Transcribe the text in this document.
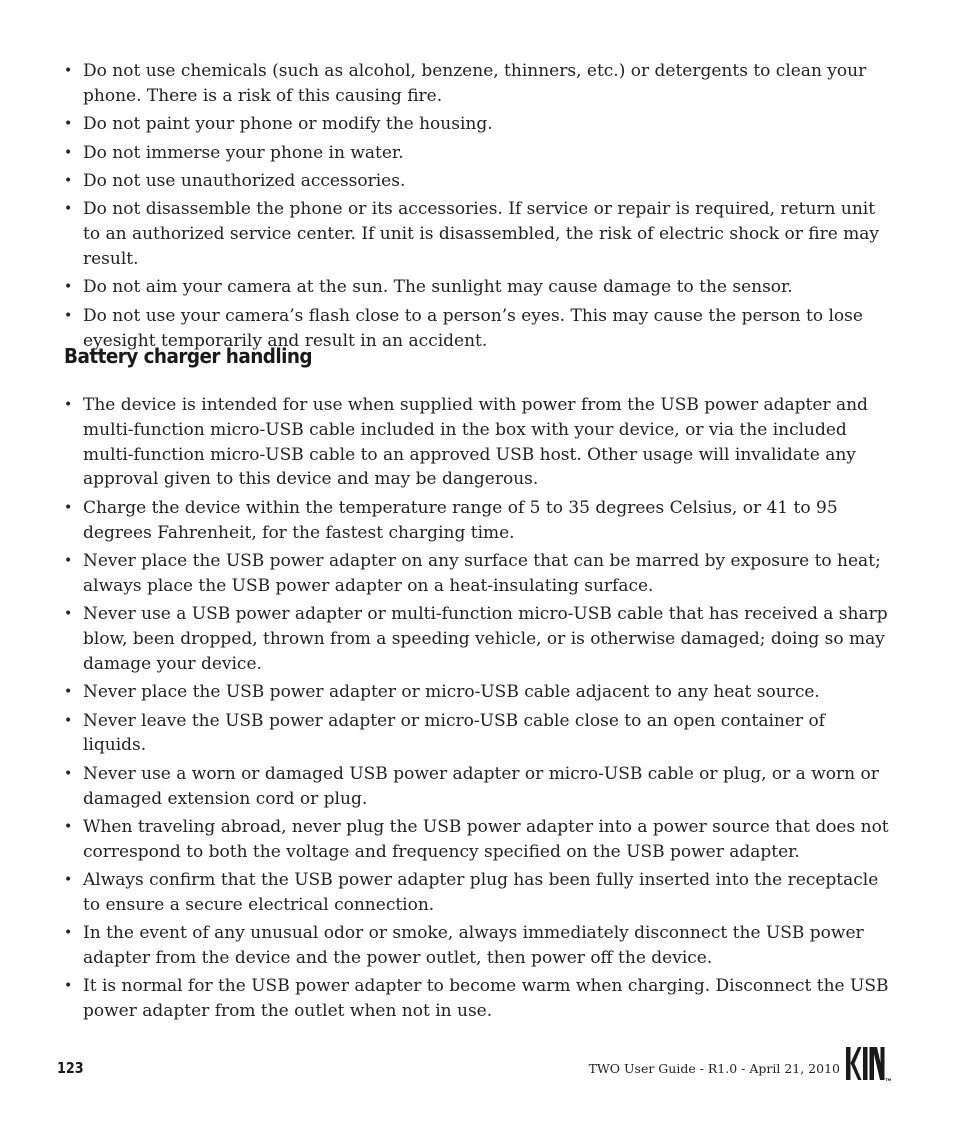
• Do not use chemicals (such as alcohol, benzene, thinners, etc.) or detergents to clean your phone. There is a risk of this causing fire.
• Do not paint your phone or modify the housing.
• Do not immerse your phone in water.
• Do not use unauthorized accessories.
• Do not disassemble the phone or its accessories. If service or repair is required, return unit to an authorized service center. If unit is disassembled, the risk of electric shock or fire may result.
• Do not aim your camera at the sun. The sunlight may cause damage to the sensor.
• Do not use your camera’s flash close to a person’s eyes. This may cause the person to lose eyesight temporarily and result in an accident.
Battery charger handling
• The device is intended for use when supplied with power from the USB power adapter and multi-function micro-USB cable included in the box with your device, or via the included multi-function micro-USB cable to an approved USB host. Other usage will invalidate any approval given to this device and may be dangerous.
• Charge the device within the temperature range of 5 to 35 degrees Celsius, or 41 to 95 degrees Fahrenheit, for the fastest charging time.
• Never place the USB power adapter on any surface that can be marred by exposure to heat; always place the USB power adapter on a heat-insulating surface.
• Never use a USB power adapter or multi-function micro-USB cable that has received a sharp blow, been dropped, thrown from a speeding vehicle, or is otherwise damaged; doing so may damage your device.
• Never place the USB power adapter or micro-USB cable adjacent to any heat source.
• Never leave the USB power adapter or micro-USB cable close to an open container of liquids.
• Never use a worn or damaged USB power adapter or micro-USB cable or plug, or a worn or damaged extension cord or plug.
• When traveling abroad, never plug the USB power adapter into a power source that does not correspond to both the voltage and frequency specified on the USB power adapter.
• Always confirm that the USB power adapter plug has been fully inserted into the receptacle to ensure a secure electrical connection.
• In the event of any unusual odor or smoke, always immediately disconnect the USB power adapter from the device and the power outlet, then power off the device.
• It is normal for the USB power adapter to become warm when charging. Disconnect the USB power adapter from the outlet when not in use.
123	TWO User Guide - R1.0 - April 21, 2010
TM
